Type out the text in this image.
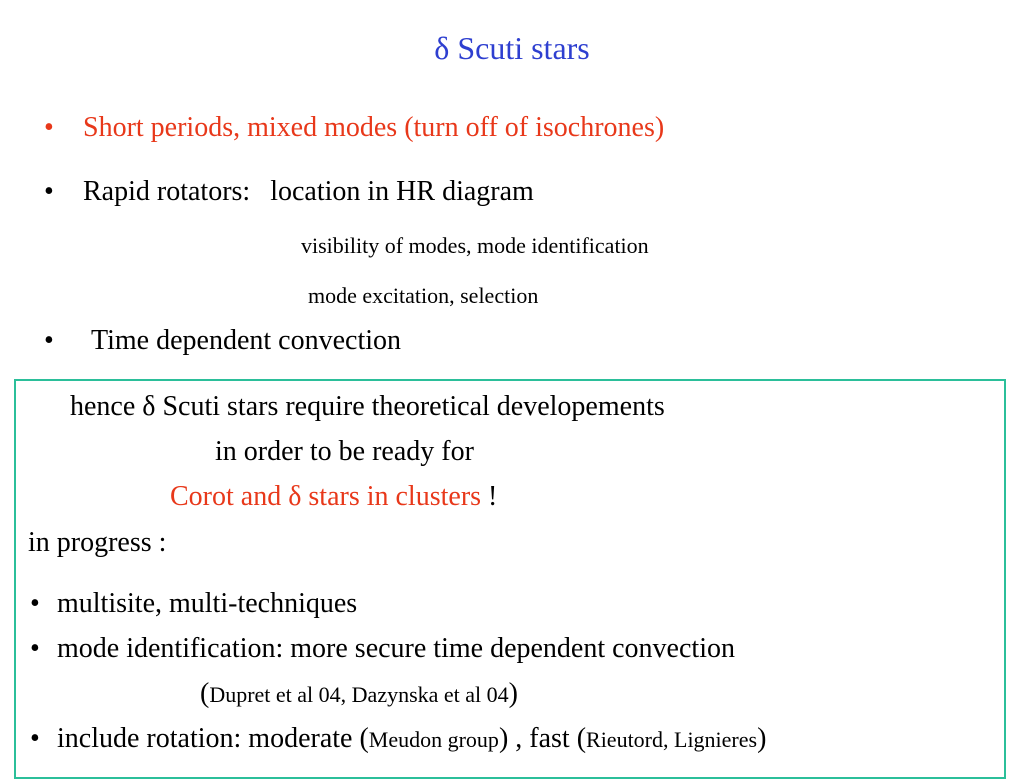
δ Scuti stars
• Short periods, mixed modes (turn off of isochrones)
• Rapid rotators: location in HR diagram
visibility of modes, mode identification
mode excitation, selection
• Time dependent convection
hence δ Scuti stars require theoretical developements
in order to be ready for
Corot and δ stars in clusters !
in progress :
• multisite, multi-techniques
• mode identification: more secure time dependent convection
(Dupret et al 04, Dazynska et al 04)
• include rotation: moderate (Meudon group) , fast (Rieutord, Lignieres)
